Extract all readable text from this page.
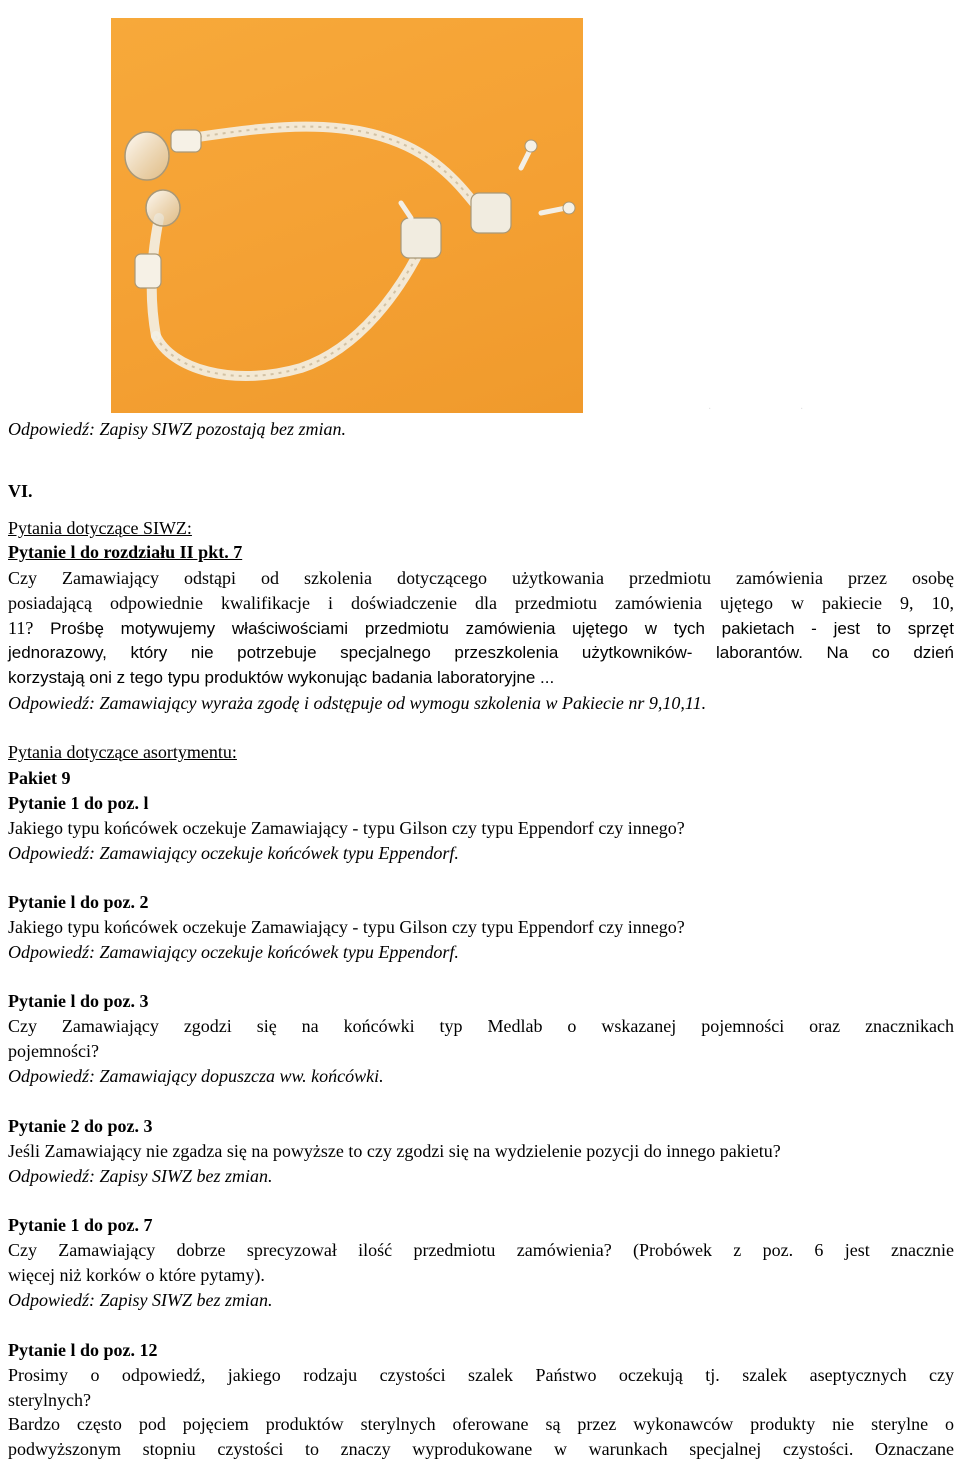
·	·
Odpowiedź: Zapisy SIWZ pozostają bez zmian.
VI.
Pytania dotyczące SIWZ:
Pytanie l do rozdziału II pkt. 7
Czy Zamawiający odstąpi od szkolenia dotyczącego użytkowania przedmiotu zamówienia przez osobę
posiadającą odpowiednie kwalifikacje i doświadczenie dla przedmiotu zamówienia ujętego w pakiecie 9, 10,
11? Prośbę motywujemy właściwościami przedmiotu zamówienia ujętego w tych pakietach - jest to sprzęt
jednorazowy, który nie potrzebuje specjalnego przeszkolenia użytkowników- laborantów. Na co dzień
korzystają oni z tego typu produktów wykonując badania laboratoryjne ...
Odpowiedź: Zamawiający wyraża zgodę i odstępuje od wymogu szkolenia w Pakiecie nr 9,10,11.
Pytania dotyczące asortymentu:
Pakiet 9
Pytanie 1 do poz. l
Jakiego typu końcówek oczekuje Zamawiający - typu Gilson czy typu Eppendorf czy innego?
Odpowiedź: Zamawiający oczekuje końcówek typu Eppendorf.
Pytanie l do poz. 2
Jakiego typu końcówek oczekuje Zamawiający - typu Gilson czy typu Eppendorf czy innego?
Odpowiedź: Zamawiający oczekuje końcówek typu Eppendorf.
Pytanie l do poz. 3
Czy Zamawiający zgodzi się na końcówki typ Medlab o wskazanej pojemności oraz znacznikach
pojemności?
Odpowiedź: Zamawiający dopuszcza ww. końcówki.
Pytanie 2 do poz. 3
Jeśli Zamawiający nie zgadza się na powyższe to czy zgodzi się na wydzielenie pozycji do innego pakietu?
Odpowiedź: Zapisy SIWZ bez zmian.
Pytanie 1 do poz. 7
Czy Zamawiający dobrze sprecyzował ilość przedmiotu zamówienia? (Probówek z poz. 6 jest znacznie
więcej niż korków o które pytamy).
Odpowiedź: Zapisy SIWZ bez zmian.
Pytanie l do poz. 12
Prosimy o odpowiedź, jakiego rodzaju czystości szalek Państwo oczekują tj. szalek aseptycznych czy
sterylnych?
Bardzo często pod pojęciem produktów sterylnych oferowane są przez wykonawców produkty nie sterylne o
podwyższonym stopniu czystości to znaczy wyprodukowane w warunkach specjalnej czystości. Oznaczane
